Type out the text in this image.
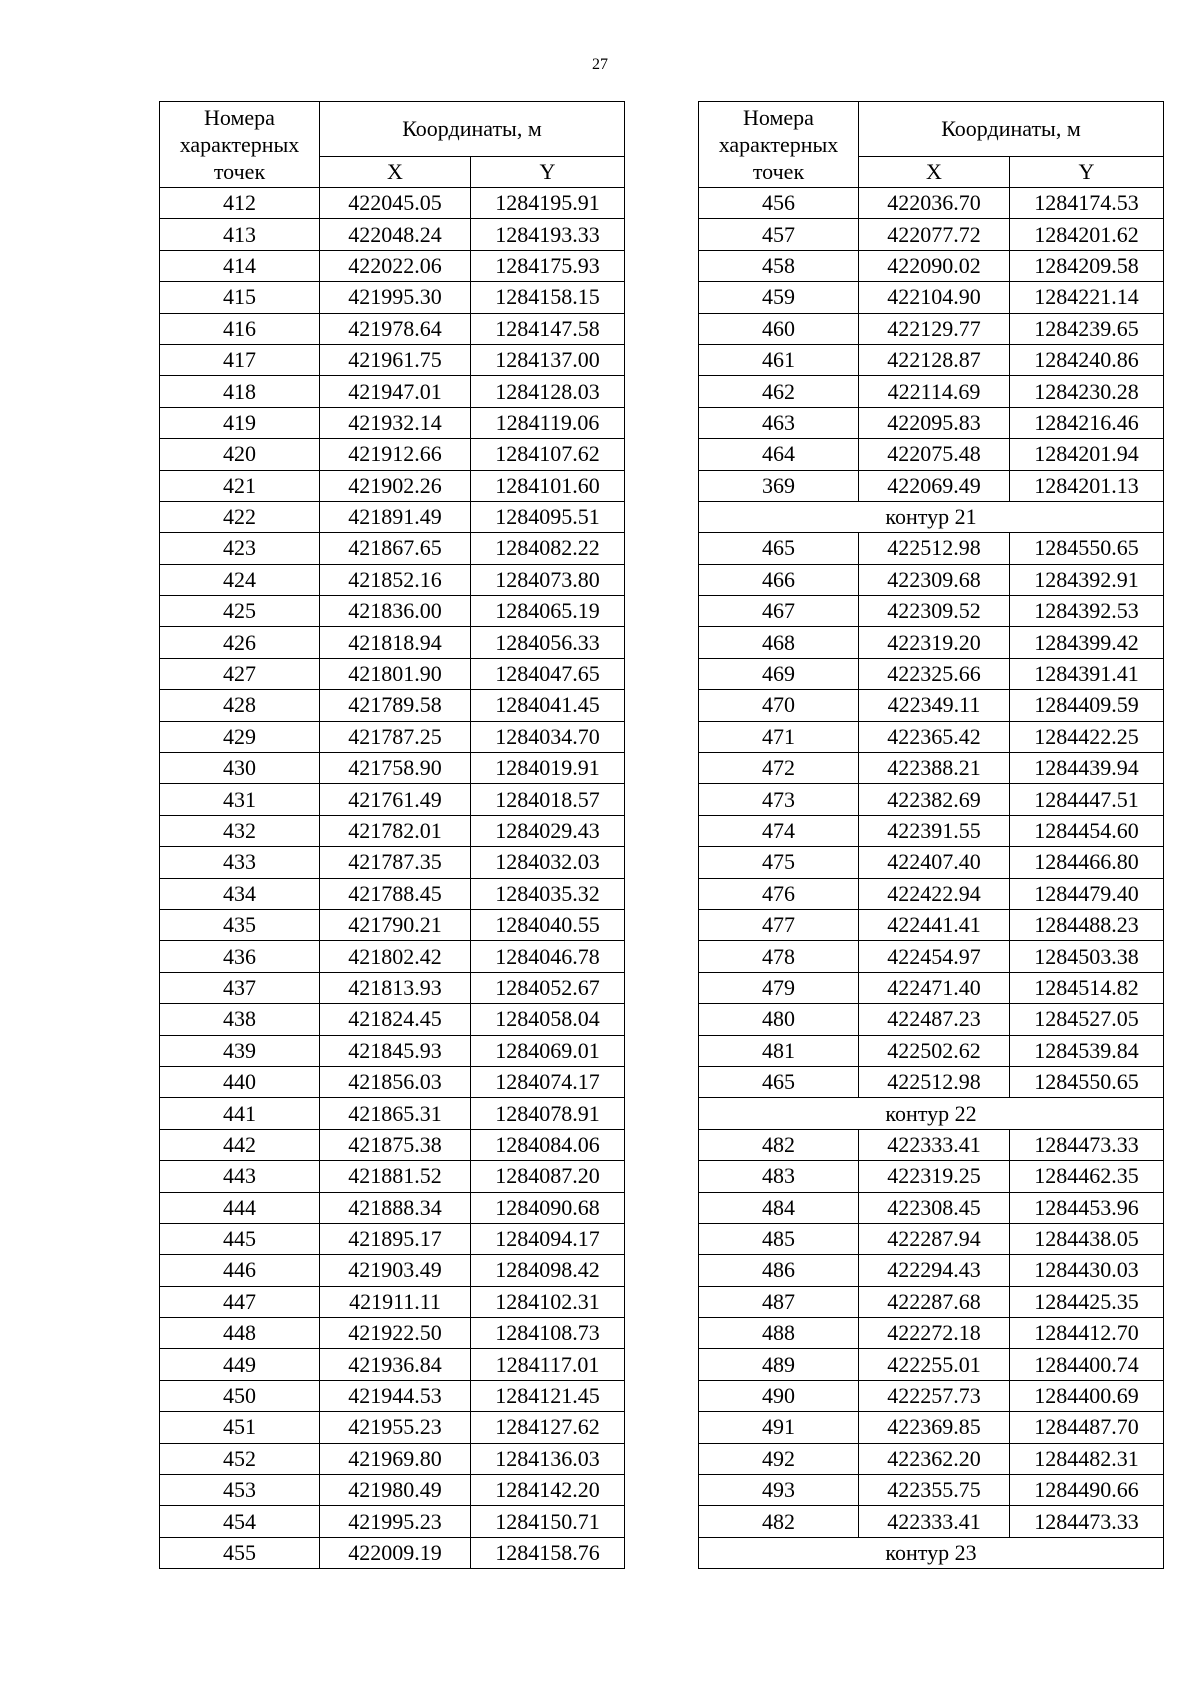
27
Номера характерных точек	Координаты, м	
	X	Y
412	422045.05	1284195.91
413	422048.24	1284193.33
414	422022.06	1284175.93
415	421995.30	1284158.15
416	421978.64	1284147.58
417	421961.75	1284137.00
418	421947.01	1284128.03
419	421932.14	1284119.06
420	421912.66	1284107.62
421	421902.26	1284101.60
422	421891.49	1284095.51
423	421867.65	1284082.22
424	421852.16	1284073.80
425	421836.00	1284065.19
426	421818.94	1284056.33
427	421801.90	1284047.65
428	421789.58	1284041.45
429	421787.25	1284034.70
430	421758.90	1284019.91
431	421761.49	1284018.57
432	421782.01	1284029.43
433	421787.35	1284032.03
434	421788.45	1284035.32
435	421790.21	1284040.55
436	421802.42	1284046.78
437	421813.93	1284052.67
438	421824.45	1284058.04
439	421845.93	1284069.01
440	421856.03	1284074.17
441	421865.31	1284078.91
442	421875.38	1284084.06
443	421881.52	1284087.20
444	421888.34	1284090.68
445	421895.17	1284094.17
446	421903.49	1284098.42
447	421911.11	1284102.31
448	421922.50	1284108.73
449	421936.84	1284117.01
450	421944.53	1284121.45
451	421955.23	1284127.62
452	421969.80	1284136.03
453	421980.49	1284142.20
454	421995.23	1284150.71
455	422009.19	1284158.76
Номера характерных точек	Координаты, м	
	X	Y
456	422036.70	1284174.53
457	422077.72	1284201.62
458	422090.02	1284209.58
459	422104.90	1284221.14
460	422129.77	1284239.65
461	422128.87	1284240.86
462	422114.69	1284230.28
463	422095.83	1284216.46
464	422075.48	1284201.94
369	422069.49	1284201.13
контур 21		
465	422512.98	1284550.65
466	422309.68	1284392.91
467	422309.52	1284392.53
468	422319.20	1284399.42
469	422325.66	1284391.41
470	422349.11	1284409.59
471	422365.42	1284422.25
472	422388.21	1284439.94
473	422382.69	1284447.51
474	422391.55	1284454.60
475	422407.40	1284466.80
476	422422.94	1284479.40
477	422441.41	1284488.23
478	422454.97	1284503.38
479	422471.40	1284514.82
480	422487.23	1284527.05
481	422502.62	1284539.84
465	422512.98	1284550.65
контур 22		
482	422333.41	1284473.33
483	422319.25	1284462.35
484	422308.45	1284453.96
485	422287.94	1284438.05
486	422294.43	1284430.03
487	422287.68	1284425.35
488	422272.18	1284412.70
489	422255.01	1284400.74
490	422257.73	1284400.69
491	422369.85	1284487.70
492	422362.20	1284482.31
493	422355.75	1284490.66
482	422333.41	1284473.33
контур 23		
